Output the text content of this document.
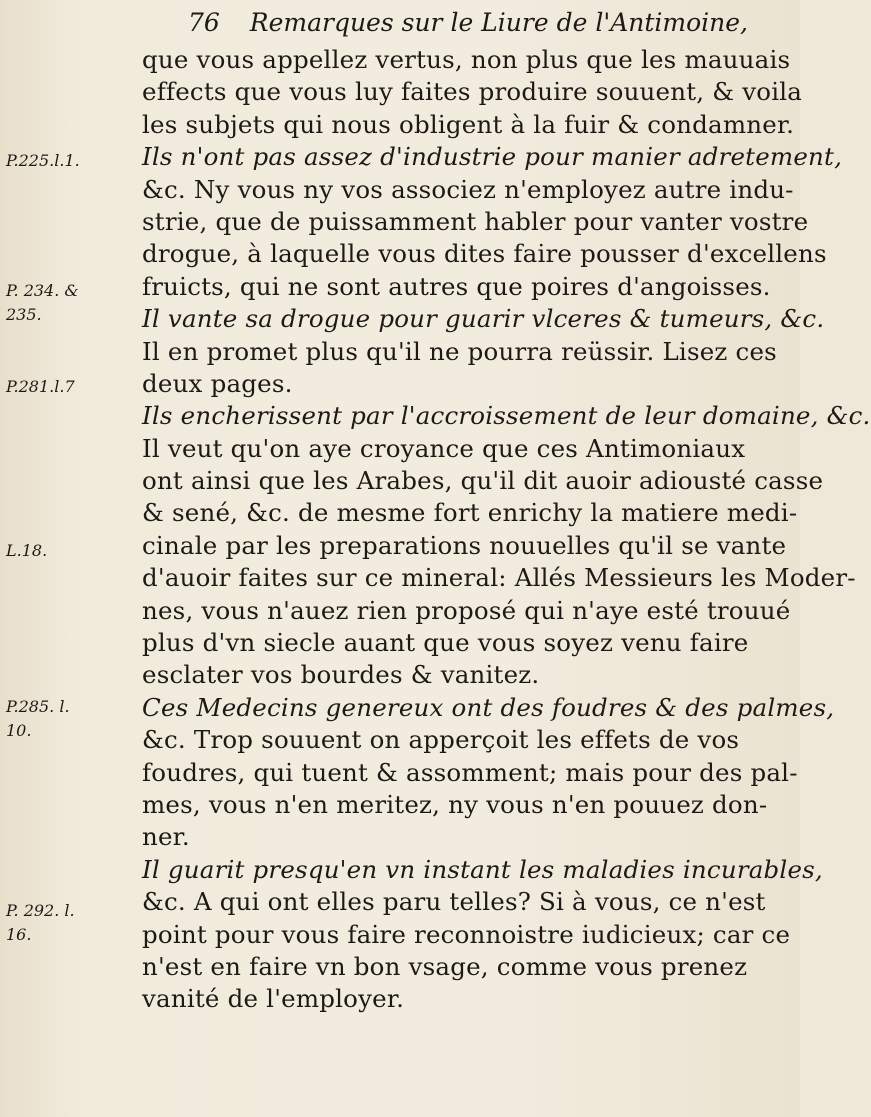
76 Remarques sur le Liure de l'Antimoine,
P.225.l.1.
P. 234. &
235.
P.281.l.7
L.18.
P.285. l.
10.
P. 292. l.
16.
que vous appellez vertus, non plus que les mauuais
effects que vous luy faites produire souuent, & voila
les subjets qui nous obligent à la fuir & condamner.
Ils n'ont pas assez d'industrie pour manier adretement,
&c. Ny vous ny vos associez n'employez autre indu-
strie, que de puissamment habler pour vanter vostre
drogue, à laquelle vous dites faire pousser d'excellens
fruicts, qui ne sont autres que poires d'angoisses.
Il vante sa drogue pour guarir vlceres & tumeurs, &c.
Il en promet plus qu'il ne pourra reüssir. Lisez ces
deux pages.
Ils encherissent par l'accroissement de leur domaine, &c.
Il veut qu'on aye croyance que ces Antimoniaux
ont ainsi que les Arabes, qu'il dit auoir adiousté casse
& sené, &c. de mesme fort enrichy la matiere medi-
cinale par les preparations nouuelles qu'il se vante
d'auoir faites sur ce mineral: Allés Messieurs les Moder-
nes, vous n'auez rien proposé qui n'aye esté trouué
plus d'vn siecle auant que vous soyez venu faire
esclater vos bourdes & vanitez.
Ces Medecins genereux ont des foudres & des palmes,
&c. Trop souuent on apperçoit les effets de vos
foudres, qui tuent & assomment; mais pour des pal-
mes, vous n'en meritez, ny vous n'en pouuez don-
ner.
Il guarit presqu'en vn instant les maladies incurables,
&c. A qui ont elles paru telles? Si à vous, ce n'est
point pour vous faire reconnoistre iudicieux; car ce
n'est en faire vn bon vsage, comme vous prenez
vanité de l'employer.
